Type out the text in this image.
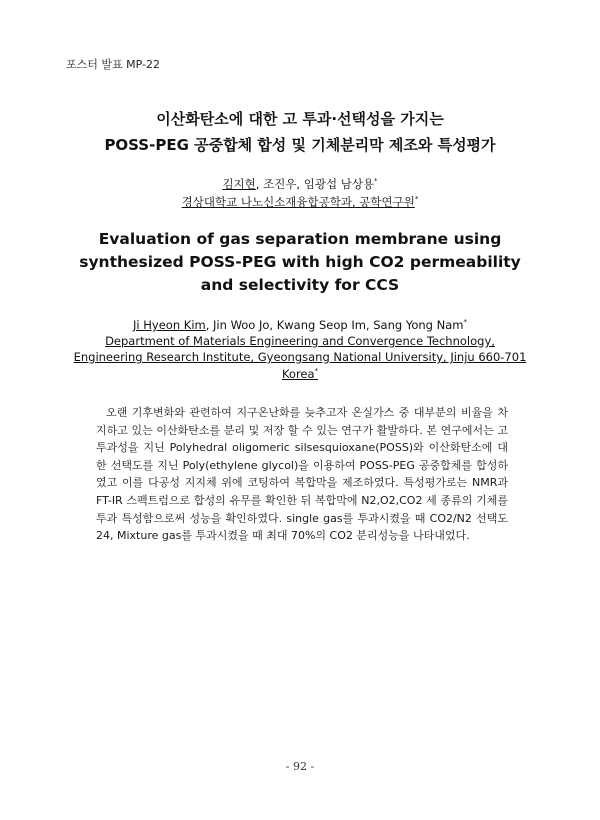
포스터 발표 MP-22
이산화탄소에 대한 고 투과·선택성을 가지는
POSS-PEG 공중합체 합성 및 기체분리막 제조와 특성평가
김지현, 조진우, 임광섭 남상용*
경상대학교 나노신소재융합공학과, 공학연구원*
Evaluation of gas separation membrane using
synthesized POSS-PEG with high CO2 permeability
and selectivity for CCS
Ji Hyeon Kim, Jin Woo Jo, Kwang Seop Im, Sang Yong Nam*
Department of Materials Engineering and Convergence Technology,
Engineering Research Institute, Gyeongsang National University, Jinju 660-701
Korea*

오랜 기후변화와 관련하여 지구온난화를 늦추고자 온실가스 중 대부분의 비율을 차지하고 있는 이산화탄소를 분리 및 저장 할 수 있는 연구가 활발하다. 본 연구에서는 고 투과성을 지닌 Polyhedral oligomeric silsesquioxane(POSS)와 이산화탄소에 대한 선택도를 지닌 Poly(ethylene glycol)을 이용하여 POSS-PEG 공중합체를 합성하였고 이를 다공성 지지체 위에 코팅하여 복합막을 제조하였다. 특성평가로는 NMR과 FT-IR 스펙트럼으로 합성의 유무를 확인한 뒤 복합막에 N2,O2,CO2 세 종류의 기체를 투과 특성함으로써 성능을 확인하였다. single gas를 투과시켰을 때 CO2/N2 선택도 24, Mixture gas를 투과시켰을 때 최대 70%의 CO2 분리성능을 나타내었다.

- 92 -
